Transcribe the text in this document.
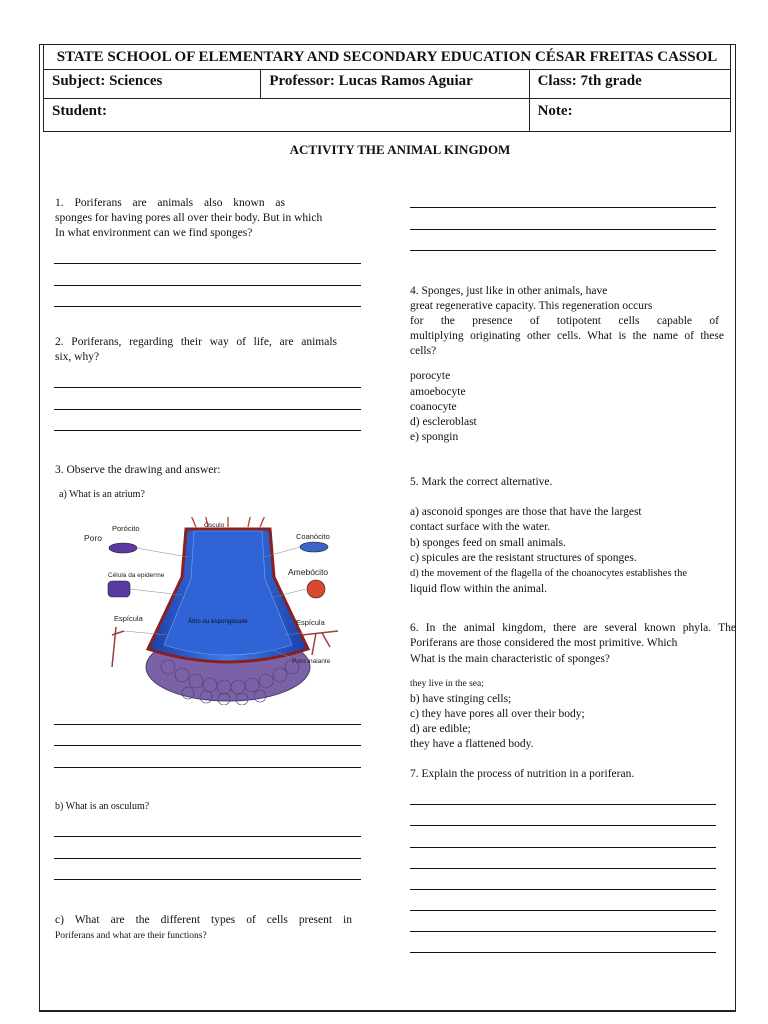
STATE SCHOOL OF ELEMENTARY AND SECONDARY EDUCATION CÉSAR FREITAS CASSOL
Subject: Sciences	Professor: Lucas Ramos Aguiar	Class: 7th grade
Student:	Note:
ACTIVITY THE ANIMAL KINGDOM
1. Poriferans are animals also known as
sponges for having pores all over their body. But in which
In what environment can we find sponges?
2. Poriferans, regarding their way of life, are animals
six, why?
3. Observe the drawing and answer:
a) What is an atrium?
Porócito
Poro
Ósculo
Coanócito
Célula da epiderme	Amebócito
Espícula	Átrio ou espongiocele	Espícula
Poro inalante
b) What is an osculum?
c) What are the different types of cells present in
Poriferans and what are their functions?
4. Sponges, just like in other animals, have
great regenerative capacity. This regeneration occurs
for the presence of totipotent cells capable of
multiplying originating other cells. What is the name of these
cells?
porocyte
amoebocyte
coanocyte
d) escleroblast
e) spongin
5. Mark the correct alternative.
a) asconoid sponges are those that have the largest
contact surface with the water.
b) sponges feed on small animals.
c) spicules are the resistant structures of sponges.
d) the movement of the flagella of the choanocytes establishes the
liquid flow within the animal.
6. In the animal kingdom, there are several known phyla. The
Poriferans are those considered the most primitive. Which
What is the main characteristic of sponges?
they live in the sea;
b) have stinging cells;
c) they have pores all over their body;
d) are edible;
they have a flattened body.
7. Explain the process of nutrition in a poriferan.
